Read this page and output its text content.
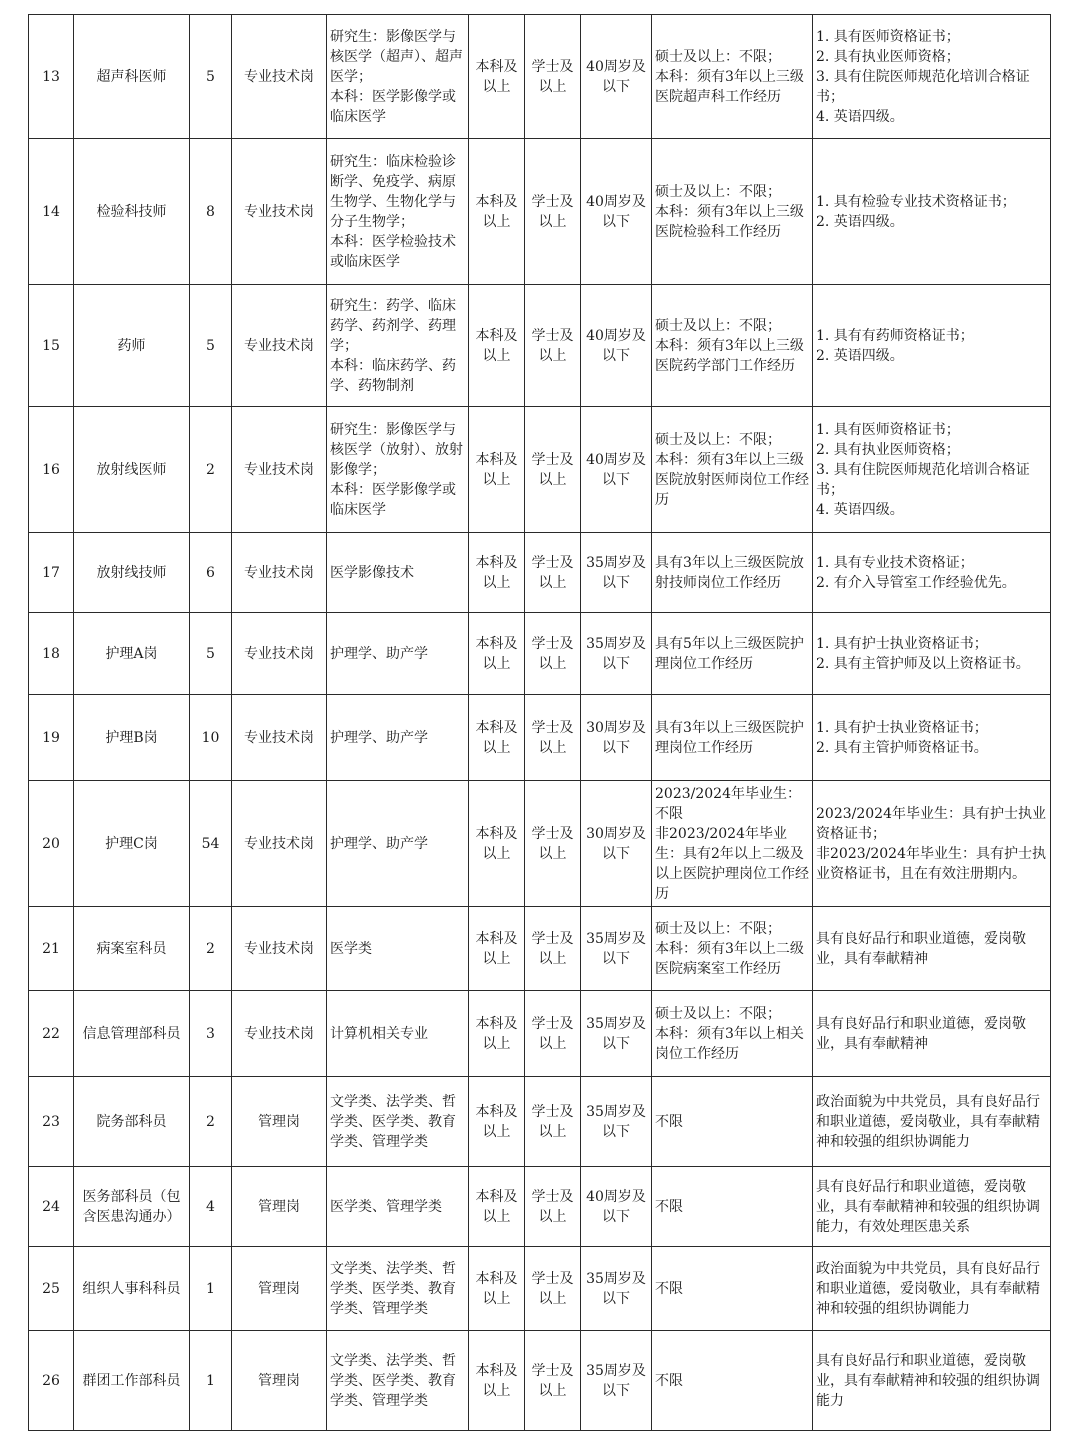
13	超声科医师	5	专业技术岗	研究生：影像医学与核医学（超声）、超声医学；
本科：医学影像学或临床医学	本科及以上	学士及以上	40周岁及以下	硕士及以上：不限；
本科：须有3年以上三级医院超声科工作经历	1. 具有医师资格证书；
2. 具有执业医师资格；
3. 具有住院医师规范化培训合格证书；
4. 英语四级。
14	检验科技师	8	专业技术岗	研究生：临床检验诊断学、免疫学、病原生物学、生物化学与分子生物学；
本科：医学检验技术或临床医学	本科及以上	学士及以上	40周岁及以下	硕士及以上：不限；
本科：须有3年以上三级医院检验科工作经历	1. 具有检验专业技术资格证书；
2. 英语四级。
15	药师	5	专业技术岗	研究生：药学、临床药学、药剂学、药理学；
本科：临床药学、药学、药物制剂	本科及以上	学士及以上	40周岁及以下	硕士及以上：不限；
本科：须有3年以上三级医院药学部门工作经历	1. 具有有药师资格证书；
2. 英语四级。
16	放射线医师	2	专业技术岗	研究生：影像医学与核医学（放射）、放射影像学；
本科：医学影像学或临床医学	本科及以上	学士及以上	40周岁及以下	硕士及以上：不限；
本科：须有3年以上三级医院放射医师岗位工作经历	1. 具有医师资格证书；
2. 具有执业医师资格；
3. 具有住院医师规范化培训合格证书；
4. 英语四级。
17	放射线技师	6	专业技术岗	医学影像技术	本科及以上	学士及以上	35周岁及以下	具有3年以上三级医院放射技师岗位工作经历	1. 具有专业技术资格证；
2. 有介入导管室工作经验优先。
18	护理A岗	5	专业技术岗	护理学、助产学	本科及以上	学士及以上	35周岁及以下	具有5年以上三级医院护理岗位工作经历	1. 具有护士执业资格证书；
2. 具有主管护师及以上资格证书。
19	护理B岗	10	专业技术岗	护理学、助产学	本科及以上	学士及以上	30周岁及以下	具有3年以上三级医院护理岗位工作经历	1. 具有护士执业资格证书；
2. 具有主管护师资格证书。
20	护理C岗	54	专业技术岗	护理学、助产学	本科及以上	学士及以上	30周岁及以下	2023/2024年毕业生：不限
非2023/2024年毕业生：具有2年以上二级及以上医院护理岗位工作经历	2023/2024年毕业生：具有护士执业资格证书；
非2023/2024年毕业生：具有护士执业资格证书，且在有效注册期内。
21	病案室科员	2	专业技术岗	医学类	本科及以上	学士及以上	35周岁及以下	硕士及以上：不限；
本科：须有3年以上二级医院病案室工作经历	具有良好品行和职业道德，爱岗敬业，具有奉献精神
22	信息管理部科员	3	专业技术岗	计算机相关专业	本科及以上	学士及以上	35周岁及以下	硕士及以上：不限；
本科：须有3年以上相关岗位工作经历	具有良好品行和职业道德，爱岗敬业，具有奉献精神
23	院务部科员	2	管理岗	文学类、法学类、哲学类、医学类、教育学类、管理学类	本科及以上	学士及以上	35周岁及以下	不限	政治面貌为中共党员，具有良好品行和职业道德，爱岗敬业，具有奉献精神和较强的组织协调能力
24	医务部科员（包含医患沟通办）	4	管理岗	医学类、管理学类	本科及以上	学士及以上	40周岁及以下	不限	具有良好品行和职业道德，爱岗敬业，具有奉献精神和较强的组织协调能力，有效处理医患关系
25	组织人事科科员	1	管理岗	文学类、法学类、哲学类、医学类、教育学类、管理学类	本科及以上	学士及以上	35周岁及以下	不限	政治面貌为中共党员，具有良好品行和职业道德，爱岗敬业，具有奉献精神和较强的组织协调能力
26	群团工作部科员	1	管理岗	文学类、法学类、哲学类、医学类、教育学类、管理学类	本科及以上	学士及以上	35周岁及以下	不限	具有良好品行和职业道德，爱岗敬业，具有奉献精神和较强的组织协调能力
